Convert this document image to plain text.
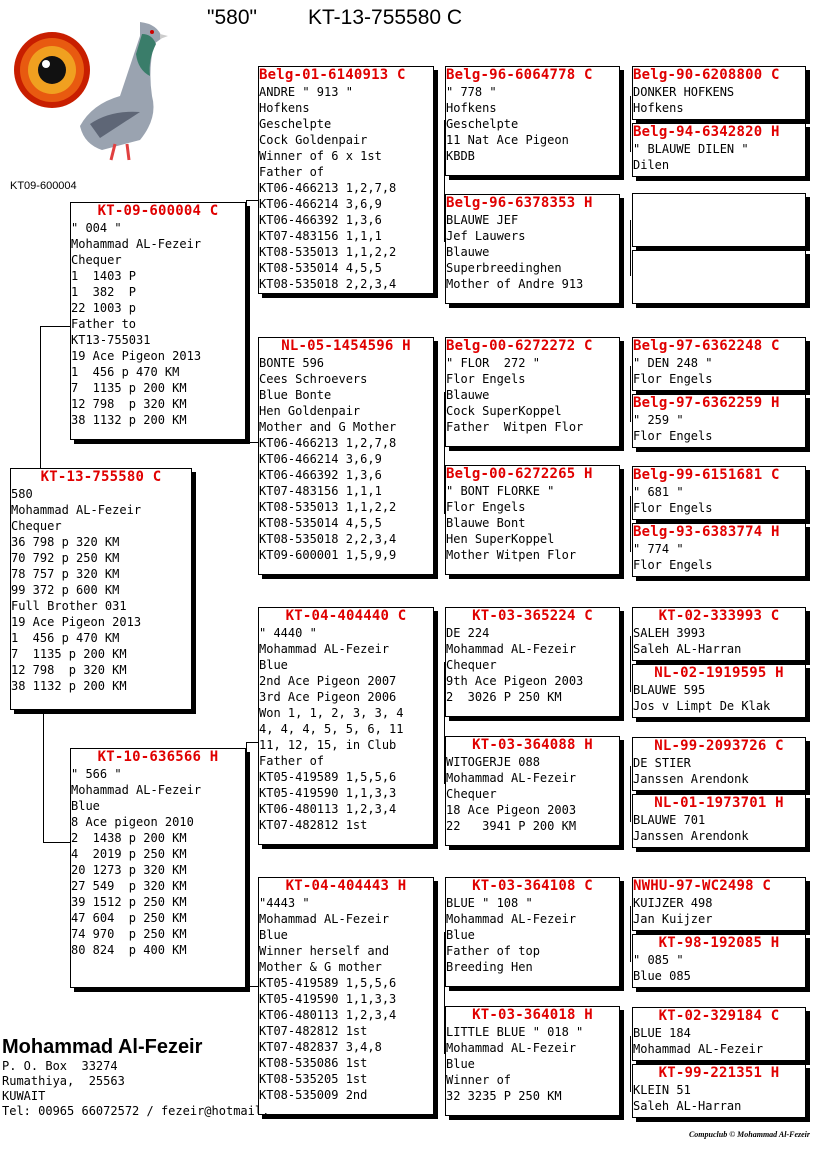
"580" KT-13-755580 C
KT09-600004
KT-13-755580 C
580
Mohammad AL-Fezeir
Chequer
36 798 p 320 KM
70 792 p 250 KM
78 757 p 320 KM
99 372 p 600 KM
Full Brother 031
19 Ace Pigeon 2013
1  456 p 470 KM
7  1135 p 200 KM
12 798  p 320 KM
38 1132 p 200 KM
KT-09-600004 C
" 004 "
Mohammad AL-Fezeir
Chequer
1  1403 P
1  382  P
22 1003 p
Father to
KT13-755031
19 Ace Pigeon 2013
1  456 p 470 KM
7  1135 p 200 KM
12 798  p 320 KM
38 1132 p 200 KM
KT-10-636566 H
" 566 "
Mohammad AL-Fezeir
Blue
8 Ace pigeon 2010
2  1438 p 200 KM
4  2019 p 250 KM
20 1273 p 320 KM
27 549  p 320 KM
39 1512 p 250 KM
47 604  p 250 KM
74 970  p 250 KM
80 824  p 400 KM
Belg-01-6140913 C
ANDRE " 913 "
Hofkens
Geschelpte
Cock Goldenpair
Winner of 6 x 1st
Father of
KT06-466213 1,2,7,8
KT06-466214 3,6,9
KT06-466392 1,3,6
KT07-483156 1,1,1
KT08-535013 1,1,2,2
KT08-535014 4,5,5
KT08-535018 2,2,3,4
NL-05-1454596 H
BONTE 596
Cees Schroevers
Blue Bonte
Hen Goldenpair
Mother and G Mother
KT06-466213 1,2,7,8
KT06-466214 3,6,9
KT06-466392 1,3,6
KT07-483156 1,1,1
KT08-535013 1,1,2,2
KT08-535014 4,5,5
KT08-535018 2,2,3,4
KT09-600001 1,5,9,9
KT-04-404440 C
" 4440 "
Mohammad AL-Fezeir
Blue
2nd Ace Pigeon 2007
3rd Ace Pigeon 2006
Won 1, 1, 2, 3, 3, 4
4, 4, 4, 5, 5, 6, 11
11, 12, 15, in Club
Father of
KT05-419589 1,5,5,6
KT05-419590 1,1,3,3
KT06-480113 1,2,3,4
KT07-482812 1st
KT-04-404443 H
"4443 "
Mohammad AL-Fezeir
Blue
Winner herself and
Mother & G mother
KT05-419589 1,5,5,6
KT05-419590 1,1,3,3
KT06-480113 1,2,3,4
KT07-482812 1st
KT07-482837 3,4,8
KT08-535086 1st
KT08-535205 1st
KT08-535009 2nd
Belg-96-6064778 C
" 778 "
Hofkens
Geschelpte
11 Nat Ace Pigeon
KBDB
Belg-96-6378353 H
BLAUWE JEF
Jef Lauwers
Blauwe
Superbreedinghen
Mother of Andre 913
Belg-00-6272272 C
" FLOR  272 "
Flor Engels
Blauwe
Cock SuperKoppel
Father  Witpen Flor
Belg-00-6272265 H
" BONT FLORKE "
Flor Engels
Blauwe Bont
Hen SuperKoppel
Mother Witpen Flor
KT-03-365224 C
DE 224
Mohammad AL-Fezeir
Chequer
9th Ace Pigeon 2003
2  3026 P 250 KM
KT-03-364088 H
WITOGERJE 088
Mohammad AL-Fezeir
Chequer
18 Ace Pigeon 2003
22   3941 P 200 KM
KT-03-364108 C
BLUE " 108 "
Mohammad AL-Fezeir
Blue
Father of top
Breeding Hen
KT-03-364018 H
LITTLE BLUE " 018 "
Mohammad AL-Fezeir
Blue
Winner of
32 3235 P 250 KM
Belg-90-6208800 C
DONKER HOFKENS
Hofkens
Belg-94-6342820 H
" BLAUWE DILEN "
Dilen
Belg-97-6362248 C
" DEN 248 "
Flor Engels
Belg-97-6362259 H
" 259 "
Flor Engels
Belg-99-6151681 C
" 681 "
Flor Engels
Belg-93-6383774 H
" 774 "
Flor Engels
KT-02-333993 C
SALEH 3993
Saleh AL-Harran
NL-02-1919595 H
BLAUWE 595
Jos v Limpt De Klak
NL-99-2093726 C
DE STIER
Janssen Arendonk
NL-01-1973701 H
BLAUWE 701
Janssen Arendonk
NWHU-97-WC2498 C
KUIJZER 498
Jan Kuijzer
KT-98-192085 H
" 085 "
Blue 085
KT-02-329184 C
BLUE 184
Mohammad AL-Fezeir
KT-99-221351 H
KLEIN 51
Saleh AL-Harran
Mohammad Al-Fezeir
P. O. Box  33274
Rumathiya,  25563
KUWAIT
Tel: 00965 66072572 / fezeir@hotmail.
Compuclub © Mohammad Al-Fezeir
